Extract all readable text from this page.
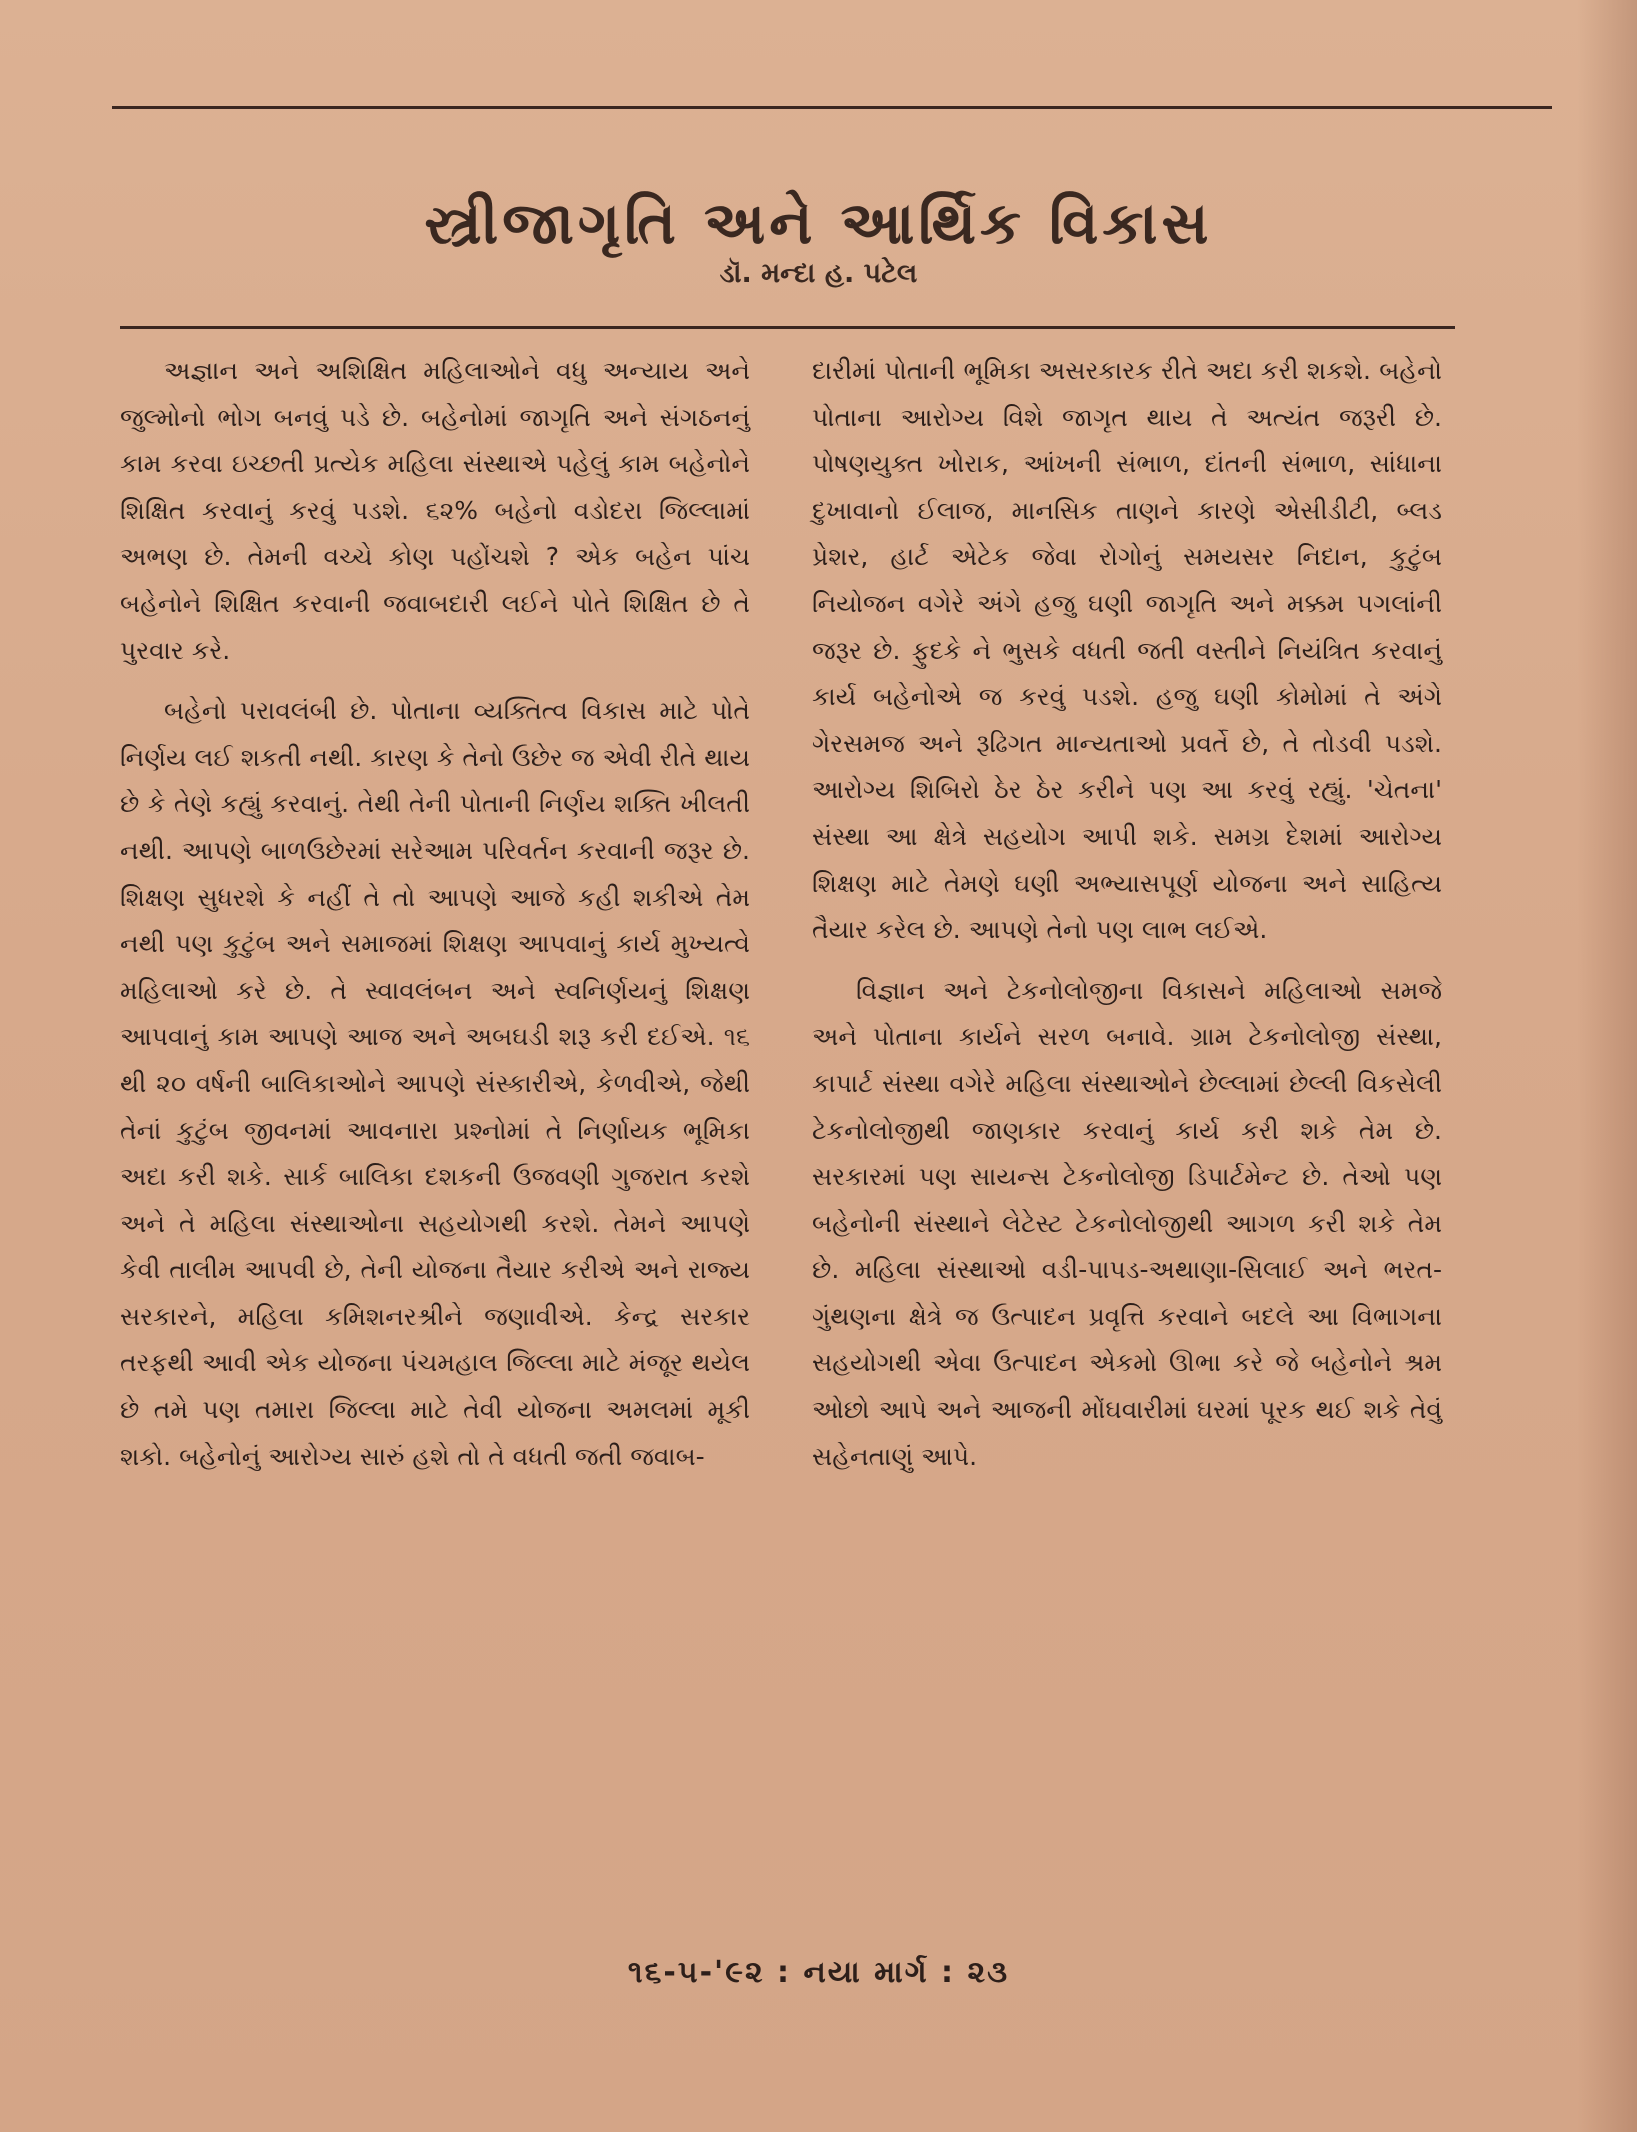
સ્ત્રીજાગૃતિ અને આર્થિક વિકાસ
ડૉ. મન્દા હ. પટેલ

અજ્ઞાન અને અશિક્ષિત મહિલાઓને વધુ અન્યાય અને જુલ્મોનો ભોગ બનવું પડે છે. બહેનોમાં જાગૃતિ અને સંગઠનનું કામ કરવા ઇચ્છતી પ્રત્યેક મહિલા સંસ્થાએ પહેલું કામ બહેનોને શિક્ષિત કરવાનું કરવું પડશે. ૬૨% બહેનો વડોદરા જિલ્લામાં અભણ છે. તેમની વચ્ચે કોણ પહોંચશે ? એક બહેન પાંચ બહેનોને શિક્ષિત કરવાની જવાબદારી લઈને પોતે શિક્ષિત છે તે પુરવાર કરે.

બહેનો પરાવલંબી છે. પોતાના વ્યક્તિત્વ વિકાસ માટે પોતે નિર્ણય લઈ શકતી નથી. કારણ કે તેનો ઉછેર જ એવી રીતે થાય છે કે તેણે કહ્યું કરવાનું. તેથી તેની પોતાની નિર્ણય શક્તિ ખીલતી નથી. આપણે બાળઉછેરમાં સરેઆમ પરિવર્તન કરવાની જરૂર છે. શિક્ષણ સુધરશે કે નહીં તે તો આપણે આજે કહી શકીએ તેમ નથી પણ કુટુંબ અને સમાજમાં શિક્ષણ આપવાનું કાર્ય મુખ્યત્વે મહિલાઓ કરે છે. તે સ્વાવલંબન અને સ્વનિર્ણયનું શિક્ષણ આપવાનું કામ આપણે આજ અને અબઘડી શરૂ કરી દઈએ. ૧૬ થી ૨૦ વર્ષની બાલિકાઓને આપણે સંસ્કારીએ, કેળવીએ, જેથી તેનાં કુટુંબ જીવનમાં આવનારા પ્રશ્નોમાં તે નિર્ણાયક ભૂમિકા અદા કરી શકે. સાર્ક બાલિકા દશકની ઉજવણી ગુજરાત કરશે અને તે મહિલા સંસ્થાઓના સહયોગથી કરશે. તેમને આપણે કેવી તાલીમ આપવી છે, તેની યોજના તૈયાર કરીએ અને રાજ્ય સરકારને, મહિલા કમિશનરશ્રીને જણાવીએ. કેન્દ્ર સરકાર તરફથી આવી એક યોજના પંચમહાલ જિલ્લા માટે મંજૂર થયેલ છે તમે પણ તમારા જિલ્લા માટે તેવી યોજના અમલમાં મૂકી શકો. બહેનોનું આરોગ્ય સારું હશે તો તે વધતી જતી જવાબ-

દારીમાં પોતાની ભૂમિકા અસરકારક રીતે અદા કરી શકશે. બહેનો પોતાના આરોગ્ય વિશે જાગૃત થાય તે અત્યંત જરૂરી છે. પોષણયુક્ત ખોરાક, આંખની સંભાળ, દાંતની સંભાળ, સાંધાના દુખાવાનો ઈલાજ, માનસિક તાણને કારણે એસીડીટી, બ્લડ પ્રેશર, હાર્ટ એટેક જેવા રોગોનું સમયસર નિદાન, કુટુંબ નિયોજન વગેરે અંગે હજુ ઘણી જાગૃતિ અને મક્કમ પગલાંની જરૂર છે. ફુદકે ને ભુસકે વધતી જતી વસ્તીને નિયંત્રિત કરવાનું કાર્ય બહેનોએ જ કરવું પડશે. હજુ ઘણી કોમોમાં તે અંગે ગેરસમજ અને રૂઢિગત માન્યતાઓ પ્રવર્તે છે, તે તોડવી પડશે. આરોગ્ય શિબિરો ઠેર ઠેર કરીને પણ આ કરવું રહ્યું. 'ચેતના' સંસ્થા આ ક્ષેત્રે સહયોગ આપી શકે. સમગ્ર દેશમાં આરોગ્ય શિક્ષણ માટે તેમણે ઘણી અભ્યાસપૂર્ણ યોજના અને સાહિત્ય તૈયાર કરેલ છે. આપણે તેનો પણ લાભ લઈએ.

વિજ્ઞાન અને ટેકનોલોજીના વિકાસને મહિલાઓ સમજે અને પોતાના કાર્યને સરળ બનાવે. ગ્રામ ટેકનોલોજી સંસ્થા, કાપાર્ટ સંસ્થા વગેરે મહિલા સંસ્થાઓને છેલ્લામાં છેલ્લી વિકસેલી ટેકનોલોજીથી જાણકાર કરવાનું કાર્ય કરી શકે તેમ છે. સરકારમાં પણ સાયન્સ ટેકનોલોજી ડિપાર્ટમેન્ટ છે. તેઓ પણ બહેનોની સંસ્થાને લેટેસ્ટ ટેકનોલોજીથી આગળ કરી શકે તેમ છે. મહિલા સંસ્થાઓ વડી-પાપડ-અથાણા-સિલાઈ અને ભરત-ગુંથણના ક્ષેત્રે જ ઉત્પાદન પ્રવૃત્તિ કરવાને બદલે આ વિભાગના સહયોગથી એવા ઉત્પાદન એકમો ઊભા કરે જે બહેનોને શ્રમ ઓછો આપે અને આજની મોંઘવારીમાં ઘરમાં પૂરક થઈ શકે તેવું સહેનતાણું આપે.

૧૬-૫-'૯૨ : નયા માર્ગ : ૨૩
